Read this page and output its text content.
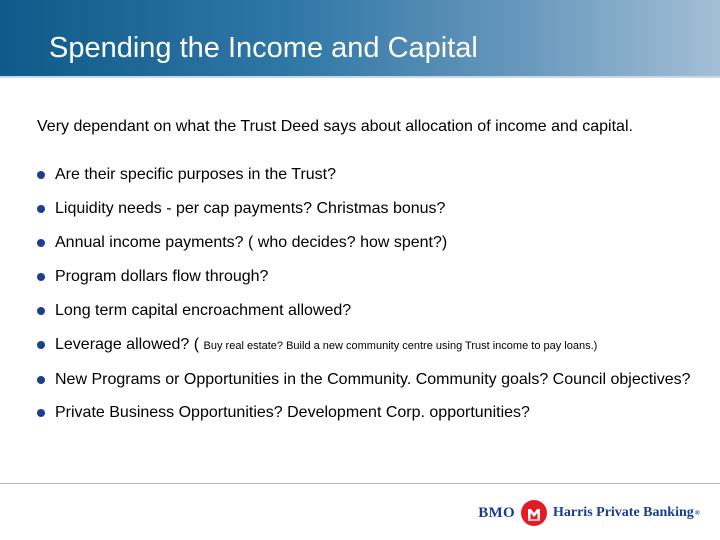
Spending the Income and Capital
Very dependant on what the Trust Deed says about allocation of income and capital.
Are their specific purposes in the Trust?
Liquidity needs - per cap payments? Christmas bonus?
Annual income payments? ( who decides? how spent?)
Program dollars flow through?
Long term capital encroachment allowed?
Leverage allowed? ( Buy real estate? Build a new community centre using Trust income to pay loans.)
New Programs or Opportunities in the Community. Community goals? Council objectives?
Private Business Opportunities? Development Corp. opportunities?
BMO	Harris Private Banking ®
